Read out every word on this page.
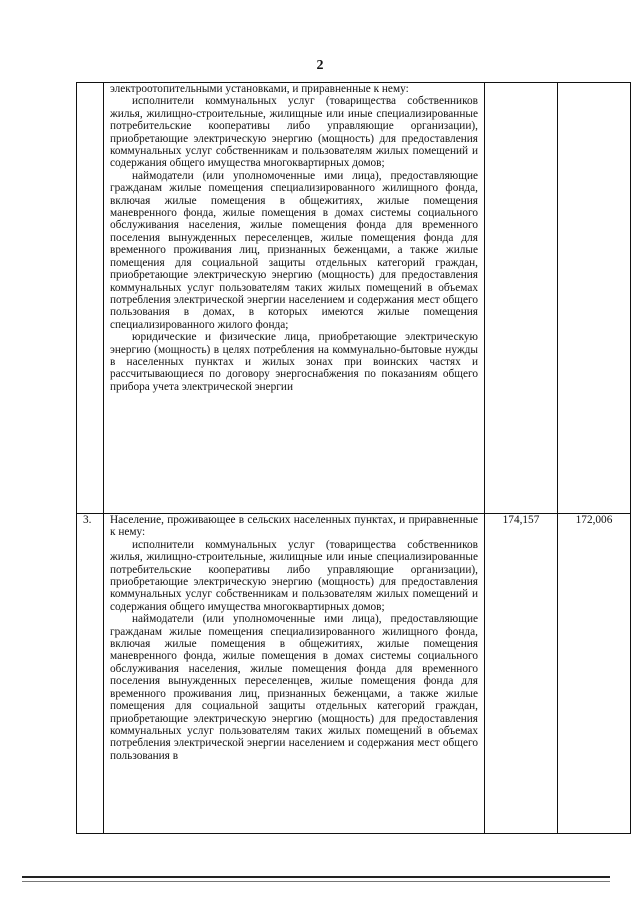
2

	электроотопительными установками, и приравненные к нему:

исполнители коммунальных услуг (товарищества собственников жилья, жилищно-строительные, жилищные или иные специализированные потребительские кооперативы либо управляющие организации), приобретающие электрическую энергию (мощность) для предоставления коммунальных услуг собственникам и пользователям жилых помещений и содержания общего имущества многоквартирных домов;

наймодатели (или уполномоченные ими лица), предоставляющие гражданам жилые помещения специализированного жилищного фонда, включая жилые помещения в общежитиях, жилые помещения маневренного фонда, жилые помещения в домах системы социального обслуживания населения, жилые помещения фонда для временного поселения вынужденных переселенцев, жилые помещения фонда для временного проживания лиц, признанных беженцами, а также жилые помещения для социальной защиты отдельных категорий граждан, приобретающие электрическую энергию (мощность) для предоставления коммунальных услуг пользователям таких жилых помещений в объемах потребления электрической энергии населением и содержания мест общего пользования в домах, в которых имеются жилые помещения специализированного жилого фонда;

юридические и физические лица, приобретающие электрическую энергию (мощность) в целях потребления на коммунально-бытовые нужды в населенных пунктах и жилых зонах при воинских частях и рассчитывающиеся по договору энергоснабжения по показаниям общего прибора учета электрической энергии		

3.	Население, проживающее в сельских населенных пунктах, и приравненные к нему:

исполнители коммунальных услуг (товарищества собственников жилья, жилищно-строительные, жилищные или иные специализированные потребительские кооперативы либо управляющие организации), приобретающие электрическую энергию (мощность) для предоставления коммунальных услуг собственникам и пользователям жилых помещений и содержания общего имущества многоквартирных домов;

наймодатели (или уполномоченные ими лица), предоставляющие гражданам жилые помещения специализированного жилищного фонда, включая жилые помещения в общежитиях, жилые помещения маневренного фонда, жилые помещения в домах системы социального обслуживания населения, жилые помещения фонда для временного поселения вынужденных переселенцев, жилые помещения фонда для временного проживания лиц, признанных беженцами, а также жилые помещения для социальной защиты отдельных категорий граждан, приобретающие электрическую энергию (мощность) для предоставления коммунальных услуг пользователям таких жилых помещений в объемах потребления электрической энергии населением и содержания мест общего пользования в	174,157	172,006
